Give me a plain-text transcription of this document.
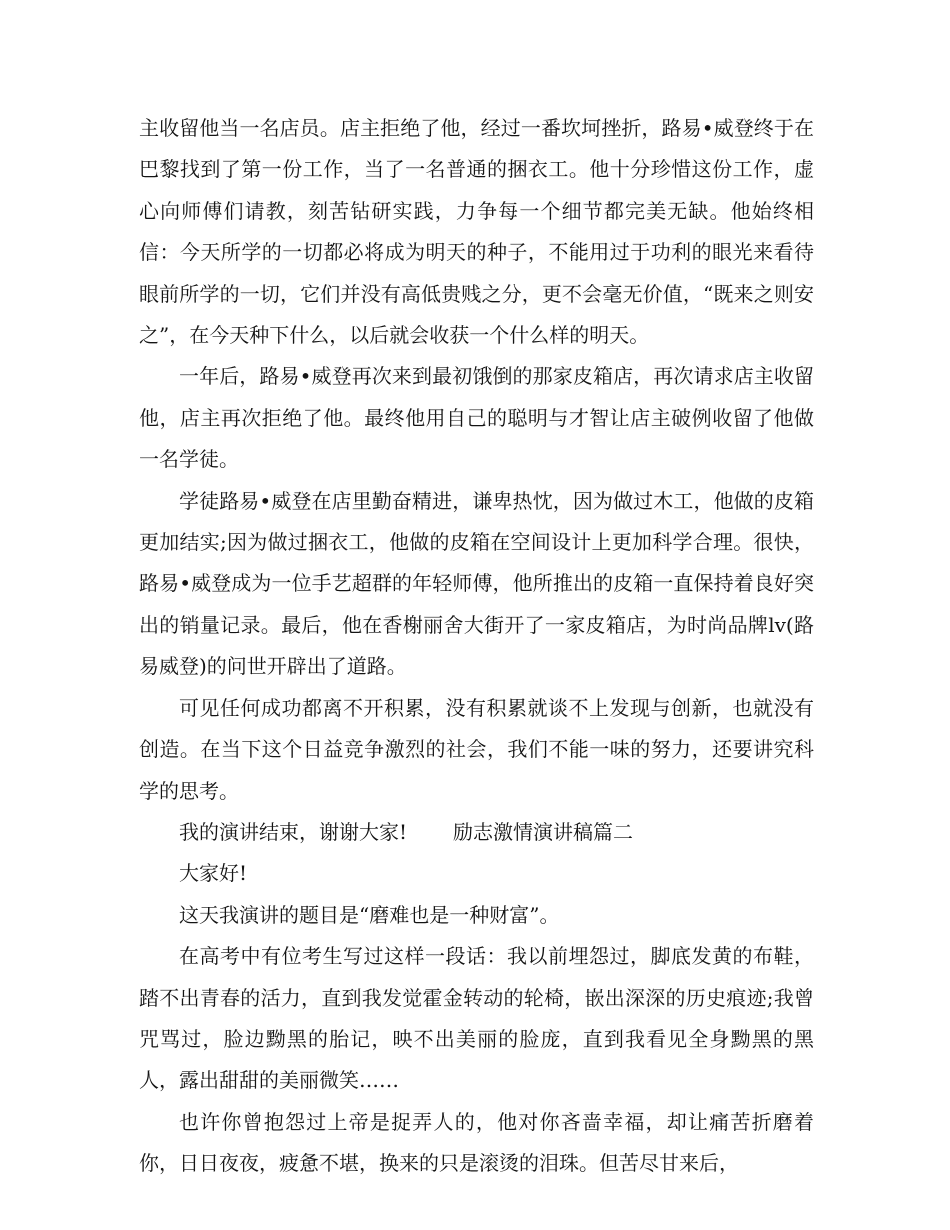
主收留他当一名店员。店主拒绝了他，经过一番坎坷挫折，路易•威登终于在巴黎找到了第一份工作，当了一名普通的捆衣工。他十分珍惜这份工作，虚心向师傅们请教，刻苦钻研实践，力争每一个细节都完美无缺。他始终相信：今天所学的一切都必将成为明天的种子，不能用过于功利的眼光来看待眼前所学的一切，它们并没有高低贵贱之分，更不会毫无价值，“既来之则安之”，在今天种下什么，以后就会收获一个什么样的明天。

一年后，路易•威登再次来到最初饿倒的那家皮箱店，再次请求店主收留他，店主再次拒绝了他。最终他用自己的聪明与才智让店主破例收留了他做一名学徒。

学徒路易•威登在店里勤奋精进，谦卑热忱，因为做过木工，他做的皮箱更加结实;因为做过捆衣工，他做的皮箱在空间设计上更加科学合理。很快，路易•威登成为一位手艺超群的年轻师傅，他所推出的皮箱一直保持着良好突出的销量记录。最后，他在香榭丽舍大街开了一家皮箱店，为时尚品牌lv(路易威登)的问世开辟出了道路。

可见任何成功都离不开积累，没有积累就谈不上发现与创新，也就没有创造。在当下这个日益竞争激烈的社会，我们不能一味的努力，还要讲究科学的思考。

我的演讲结束，谢谢大家! 励志激情演讲稿篇二

大家好!

这天我演讲的题目是“磨难也是一种财富”。

在高考中有位考生写过这样一段话：我以前埋怨过，脚底发黄的布鞋，踏不出青春的活力，直到我发觉霍金转动的轮椅，嵌出深深的历史痕迹;我曾咒骂过，脸边黝黑的胎记，映不出美丽的脸庞，直到我看见全身黝黑的黑人，露出甜甜的美丽微笑……

也许你曾抱怨过上帝是捉弄人的，他对你吝啬幸福，却让痛苦折磨着你，日日夜夜，疲惫不堪，换来的只是滚烫的泪珠。但苦尽甘来后，
